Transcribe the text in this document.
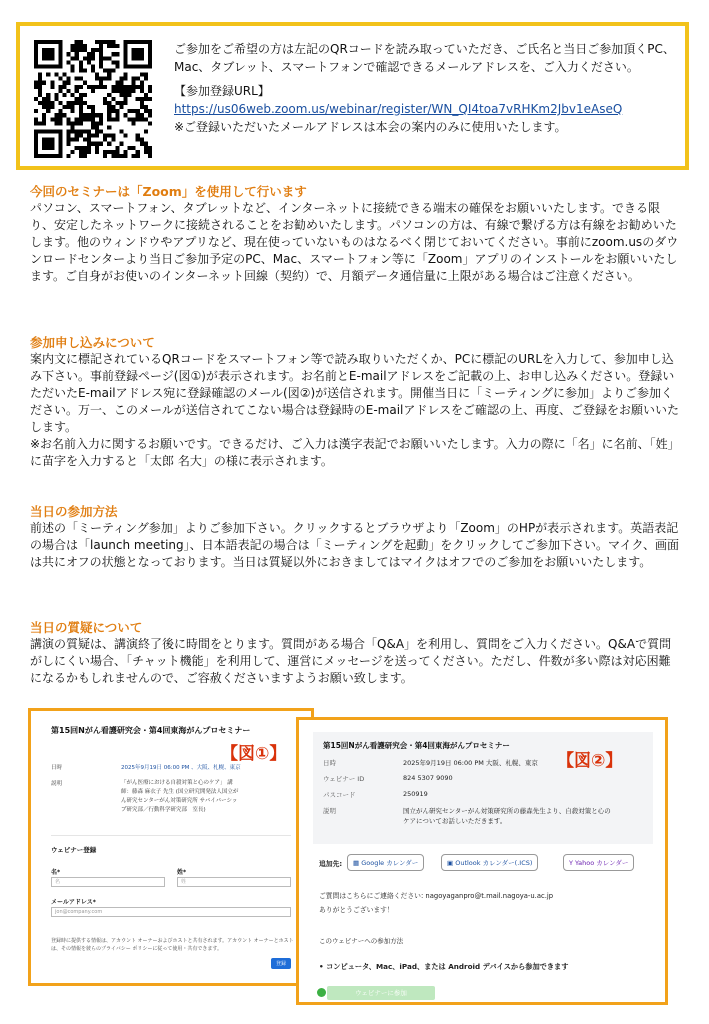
ご参加をご希望の方は左記のQRコードを読み取っていただき、ご氏名と当日ご参加頂くPC、Mac、タブレット、スマートフォンで確認できるメールアドレスを、ご入力ください。

【参加登録URL】

https://us06web.zoom.us/webinar/register/WN_QI4toa7vRHKm2Jbv1eAseQ

※ご登録いただいたメールアドレスは本会の案内のみに使用いたします。

今回のセミナーは「Zoom」を使用して行います

パソコン、スマートフォン、タブレットなど、インターネットに接続できる端末の確保をお願いいたします。できる限り、安定したネットワークに接続されることをお勧めいたします。パソコンの方は、有線で繋げる方は有線をお勧めいたします。他のウィンドウやアプリなど、現在使っていないものはなるべく閉じておいてください。事前にzoom.usのダウンロードセンターより当日ご参加予定のPC、Mac、スマートフォン等に「Zoom」アプリのインストールをお願いいたします。ご自身がお使いのインターネット回線（契約）で、月額データ通信量に上限がある場合はご注意ください。

参加申し込みについて

案内文に標記されているQRコードをスマートフォン等で読み取りいただくか、PCに標記のURLを入力して、参加申し込み下さい。事前登録ページ(図①)が表示されます。お名前とE-mailアドレスをご記載の上、お申し込みください。登録いただいたE-mailアドレス宛に登録確認のメール(図②)が送信されます。開催当日に「ミーティングに参加」よりご参加ください。万一、このメールが送信されてこない場合は登録時のE-mailアドレスをご確認の上、再度、ご登録をお願いいたします。

※お名前入力に関するお願いです。できるだけ、ご入力は漢字表記でお願いいたします。入力の際に「名」に名前、「姓」に苗字を入力すると「太郎 名大」の様に表示されます。

当日の参加方法

前述の「ミーティング参加」よりご参加下さい。クリックするとブラウザより「Zoom」のHPが表示されます。英語表記の場合は「launch meeting」、日本語表記の場合は「ミーティングを起動」をクリックしてご参加下さい。マイク、画面は共にオフの状態となっております。当日は質疑以外におきましてはマイクはオフでのご参加をお願いいたします。

当日の質疑について

講演の質疑は、講演終了後に時間をとります。質問がある場合「Q&A」を利用し、質問をご入力ください。Q&Aで質問がしにくい場合、「チャット機能」を利用して、運営にメッセージを送ってください。ただし、件数が多い際は対応困難になるかもしれませんので、ご容赦くださいますようお願い致します。

第15回Nがん看護研究会・第4回東海がんプロセミナー
【図①】
日時	2025年9月19日 06:00 PM 、大阪、札幌、東京
説明	「がん医療における自殺対策と心のケア」 講師：藤森 麻衣子 先生 (国立研究開発法人国立がん研究センターがん対策研究所 サバイバーシップ研究部／行動科学研究部　室長)
ウェビナー登録
名*	姓*
名	姓
メールアドレス*
jon@company.com
登録時に提供する情報は、アカウント オーナーおよびホストと共有されます。アカウント オーナーとホストは、その情報を彼らのプライバシー ポリシーに従って使用・共有できます。
登録
第15回Nがん看護研究会・第4回東海がんプロセミナー
【図②】
日時	2025年9月19日 06:00 PM 大阪、札幌、東京
ウェビナー ID	824 5307 9090
パスコード	250919
説明	国立がん研究センターがん対策研究所の藤森先生より、自殺対策と心のケアについてお話しいただきます。
追加先:	▦ Google カレンダー	▣ Outlook カレンダー(.ICS)	Y Yahoo カレンダー
ご質問はこちらにご連絡ください: nagoyaganpro@t.mail.nagoya-u.ac.jp
ありがとうございます！
このウェビナーへの参加方法
• コンピュータ、Mac、iPad、または Android デバイスから参加できます
ウェビナーに参加
